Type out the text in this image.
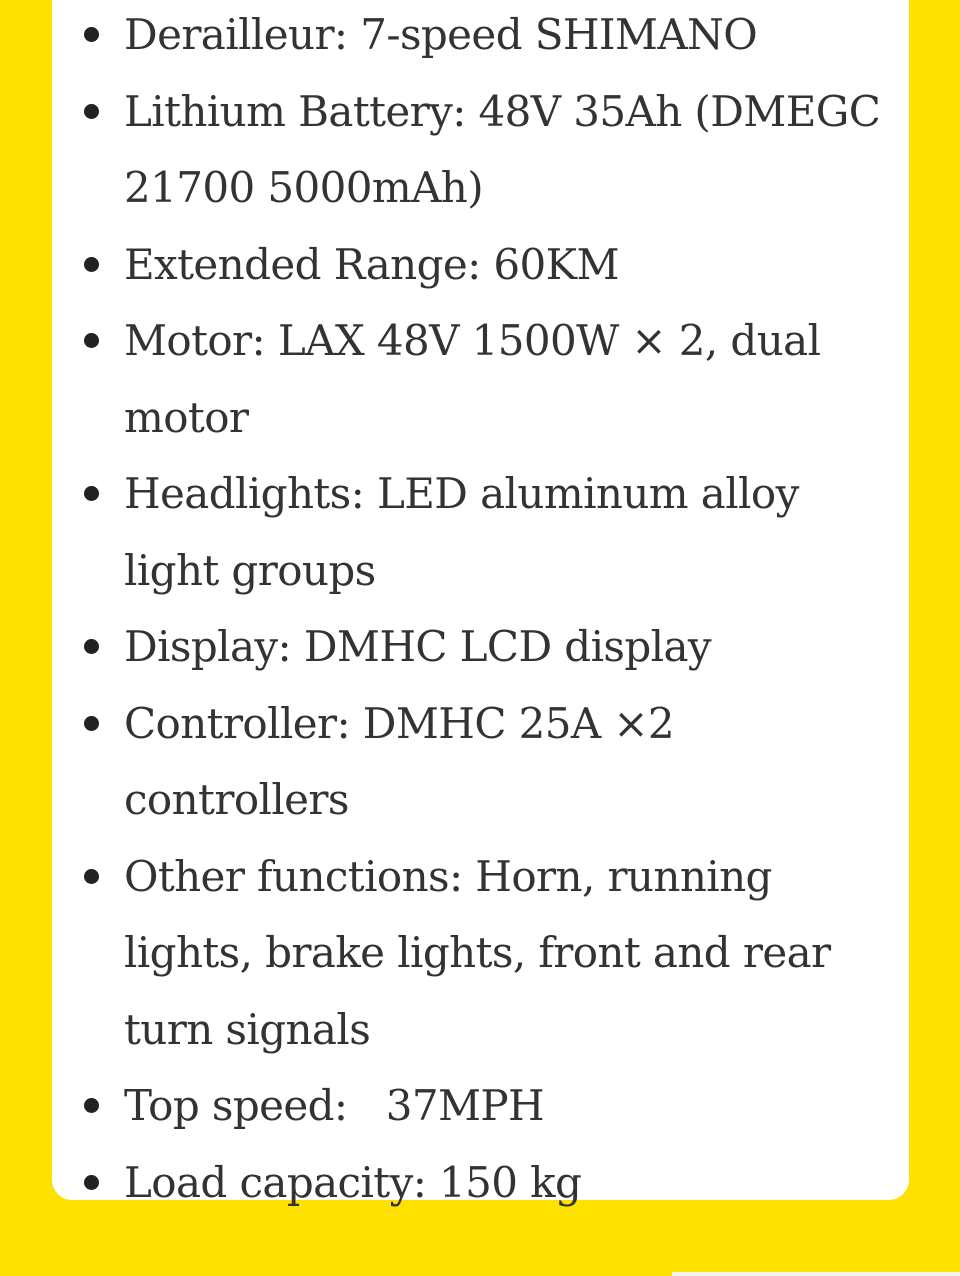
Derailleur: 7-speed SHIMANO
Lithium Battery: 48V 35Ah (DMEGC 21700 5000mAh)
Extended Range: 60KM
Motor: LAX 48V 1500W × 2, dual motor
Headlights: LED aluminum alloy light groups
Display: DMHC LCD display
Controller: DMHC 25A ×2 controllers
Other functions: Horn, running lights, brake lights, front and rear turn signals
Top speed:   37MPH
Load capacity: 150 kg
